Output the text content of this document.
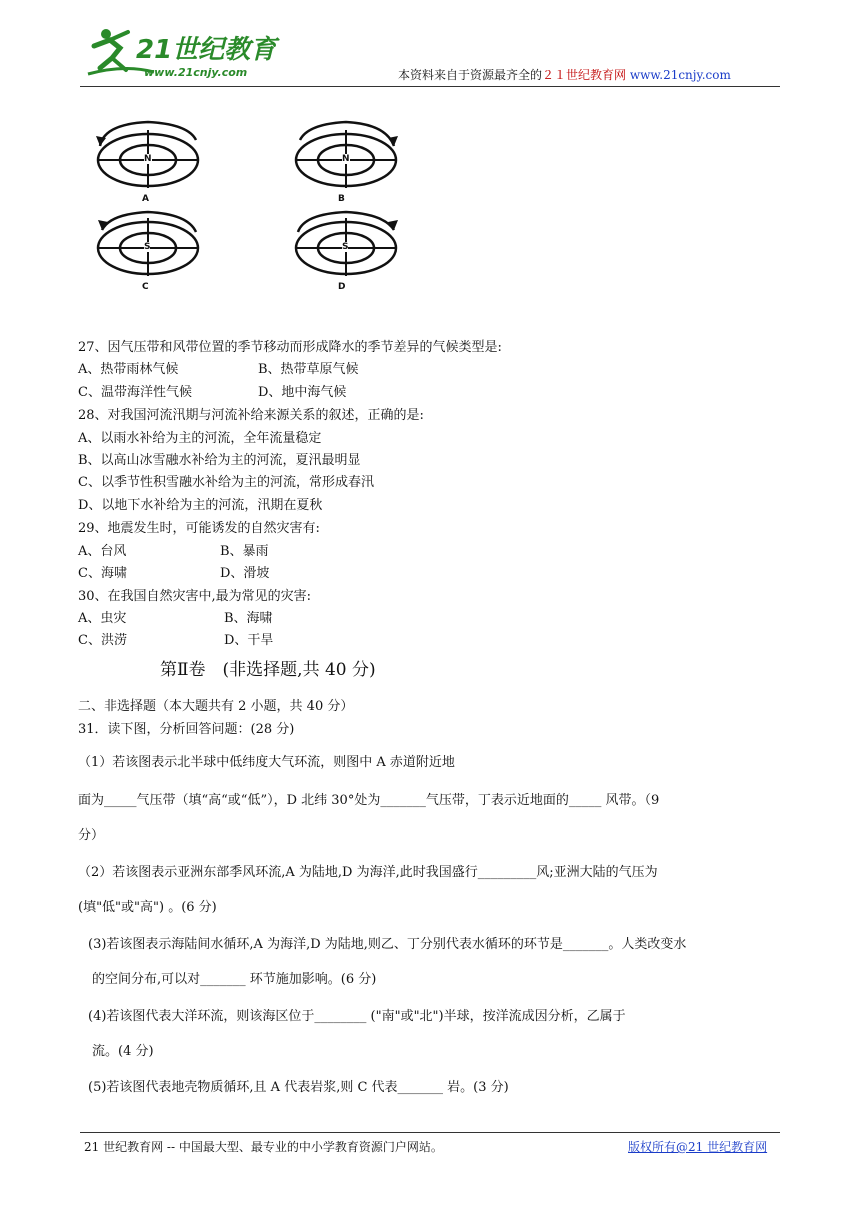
21世纪教育
www.21cnjy.com	本资料来自于资源最齐全的２１世纪教育网 www.21cnjy.com
N
A
N
B
S
C
S
D
27、因气压带和风带位置的季节移动而形成降水的季节差异的气候类型是:
A、热带雨林气候	B、热带草原气候
C、温带海洋性气候	D、地中海气候
28、对我国河流汛期与河流补给来源关系的叙述，正确的是:
A、以雨水补给为主的河流，全年流量稳定
B、以高山冰雪融水补给为主的河流，夏汛最明显
C、以季节性积雪融水补给为主的河流，常形成春汛
D、以地下水补给为主的河流，汛期在夏秋
29、地震发生时，可能诱发的自然灾害有:
A、台风	B、暴雨
C、海啸	D、滑坡
30、在我国自然灾害中,最为常见的灾害:
A、虫灾	B、海啸
C、洪涝	D、干旱
第Ⅱ卷　(非选择题,共 40 分)
二、非选择题（本大题共有 2 小题，共 40 分）
31．读下图，分析回答问题：(28 分)
（1）若该图表示北半球中低纬度大气环流，则图中 A 赤道附近地
面为_____气压带（填“高“或“低”），D 北纬 30°处为_______气压带，丁表示近地面的_____ 风带。（9
分）
（2）若该图表示亚洲东部季风环流,A 为陆地,D 为海洋,此时我国盛行_________风;亚洲大陆的气压为
(填"低"或"高") 。(6 分)
(3)若该图表示海陆间水循环,A 为海洋,D 为陆地,则乙、丁分别代表水循环的环节是_______。人类改变水
的空间分布,可以对_______ 环节施加影响。(6 分)
(4)若该图代表大洋环流，则该海区位于________ ("南"或"北")半球，按洋流成因分析，乙属于
流。(4 分)
(5)若该图代表地壳物质循环,且 A 代表岩浆,则 C 代表_______ 岩。(3 分)
21 世纪教育网 -- 中国最大型、最专业的中小学教育资源门户网站。	版权所有@21 世纪教育网
